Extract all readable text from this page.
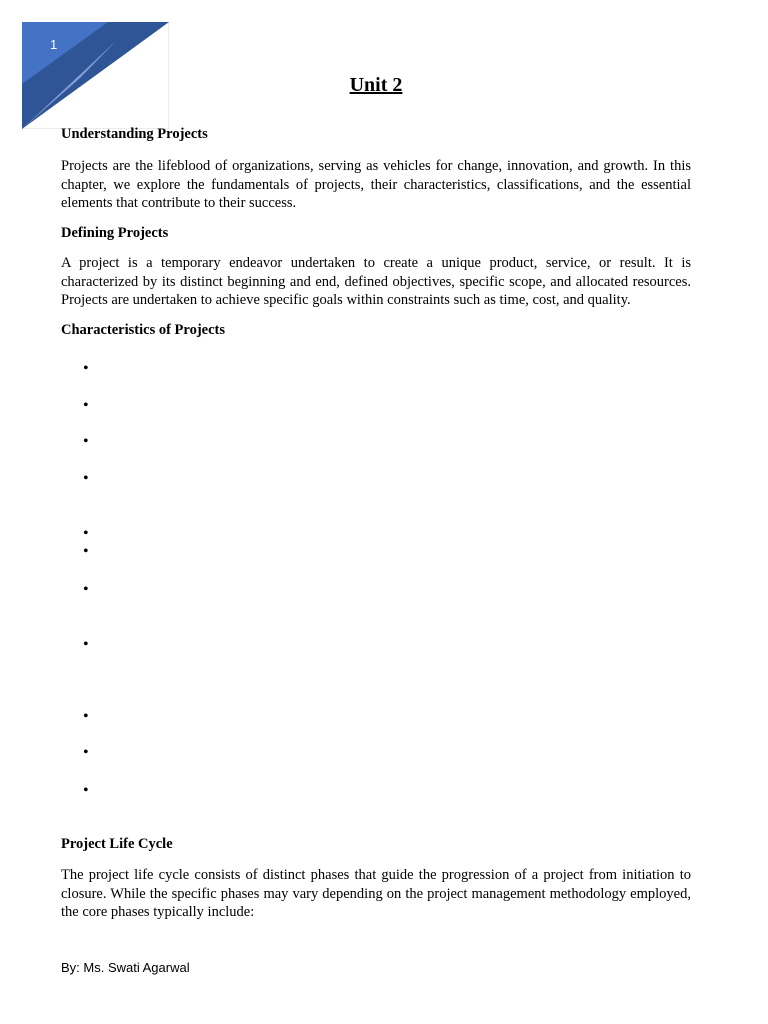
1
Unit 2
Understanding Projects
Projects are the lifeblood of organizations, serving as vehicles for change, innovation, and growth. In this chapter, we explore the fundamentals of projects, their characteristics, classifications, and the essential elements that contribute to their success.
Defining Projects
A project is a temporary endeavor undertaken to create a unique product, service, or result. It is characterized by its distinct beginning and end, defined objectives, specific scope, and allocated resources. Projects are undertaken to achieve specific goals within constraints such as time, cost, and quality.
Characteristics of Projects
•
•
•
•
•
•
•
•
•
•
•
Project Life Cycle
The project life cycle consists of distinct phases that guide the progression of a project from initiation to closure. While the specific phases may vary depending on the project management methodology employed, the core phases typically include:
By: Ms. Swati Agarwal
